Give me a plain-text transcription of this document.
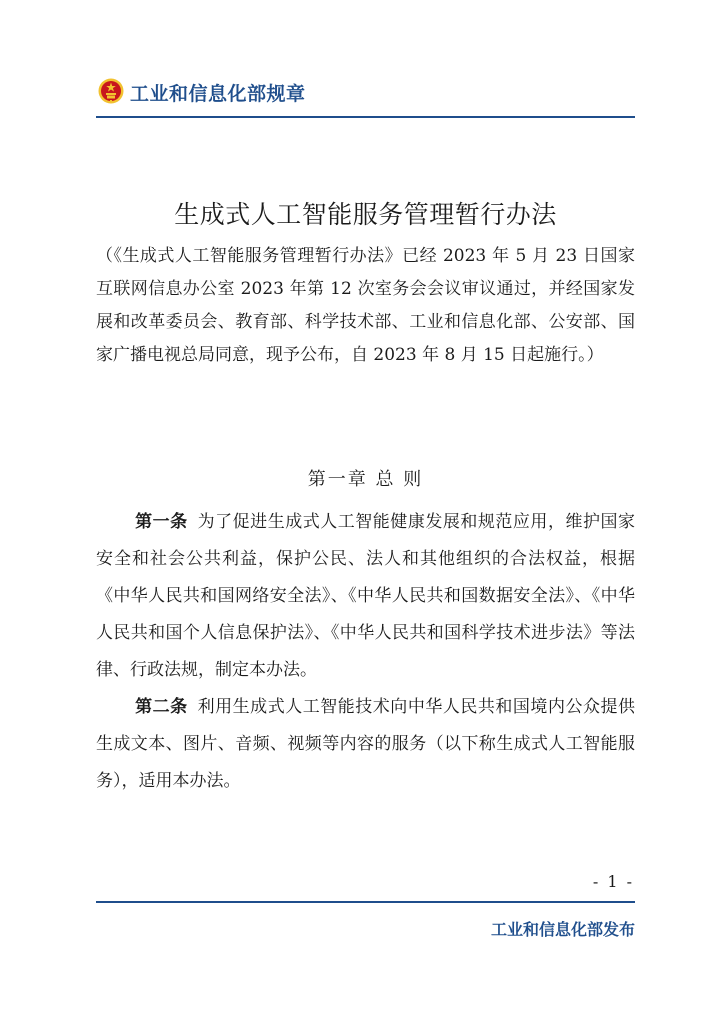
工业和信息化部规章
生成式人工智能服务管理暂行办法
（《生成式人工智能服务管理暂行办法》已经 2023 年 5 月 23 日国家互联网信息办公室 2023 年第 12 次室务会会议审议通过，并经国家发展和改革委员会、教育部、科学技术部、工业和信息化部、公安部、国家广播电视总局同意，现予公布，自 2023 年 8 月 15 日起施行。）
第一章 总 则
第一条 为了促进生成式人工智能健康发展和规范应用，维护国家安全和社会公共利益，保护公民、法人和其他组织的合法权益，根据《中华人民共和国网络安全法》、《中华人民共和国数据安全法》、《中华人民共和国个人信息保护法》、《中华人民共和国科学技术进步法》等法律、行政法规，制定本办法。
第二条 利用生成式人工智能技术向中华人民共和国境内公众提供生成文本、图片、音频、视频等内容的服务（以下称生成式人工智能服务），适用本办法。
- 1 -
工业和信息化部发布
